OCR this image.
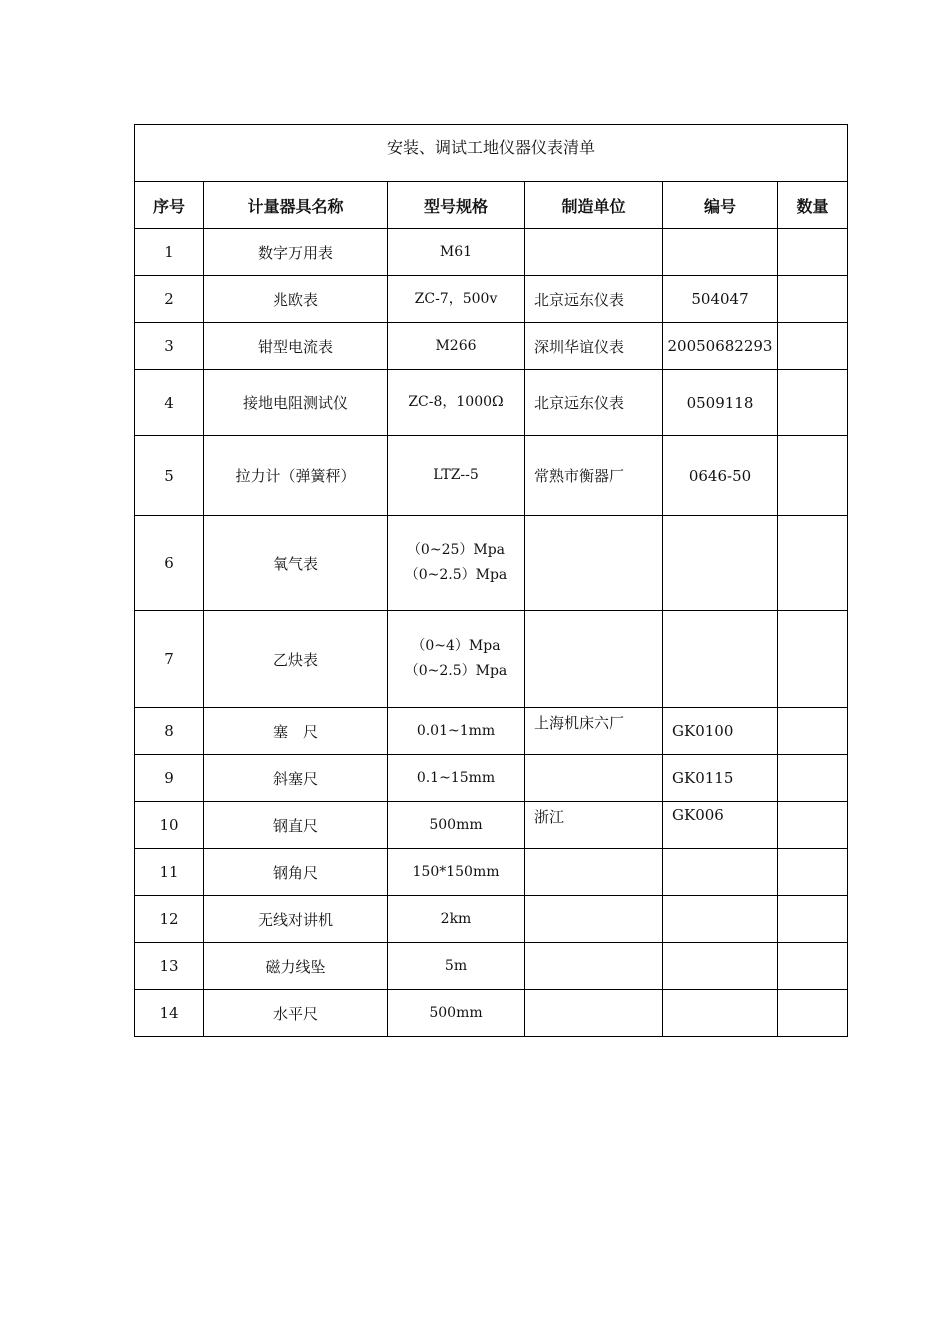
安装、调试工地仪器仪表清单					
序号	计量器具名称	型号规格	制造单位	编号	数量
1	数字万用表	M61			
2	兆欧表	ZC-7，500v	北京远东仪表	504047	
3	钳型电流表	M266	深圳华谊仪表	20050682293	
4	接地电阻测试仪	ZC-8，1000Ω	北京远东仪表	0509118	
5	拉力计（弹簧秤）	LTZ--5	常熟市衡器厂	0646-50	
6	氧气表	（0~25）Mpa
（0~2.5）Mpa			

7	乙炔表	（0~4）Mpa
（0~2.5）Mpa			

8	塞　尺	0.01~1mm	上海机床六厂	GK0100	
9	斜塞尺	0.1~15mm		GK0115	
10	钢直尺	500mm	浙江	GK006	
11	钢角尺	150*150mm			
12	无线对讲机	2km			
13	磁力线坠	5m			
14	水平尺	500mm			
